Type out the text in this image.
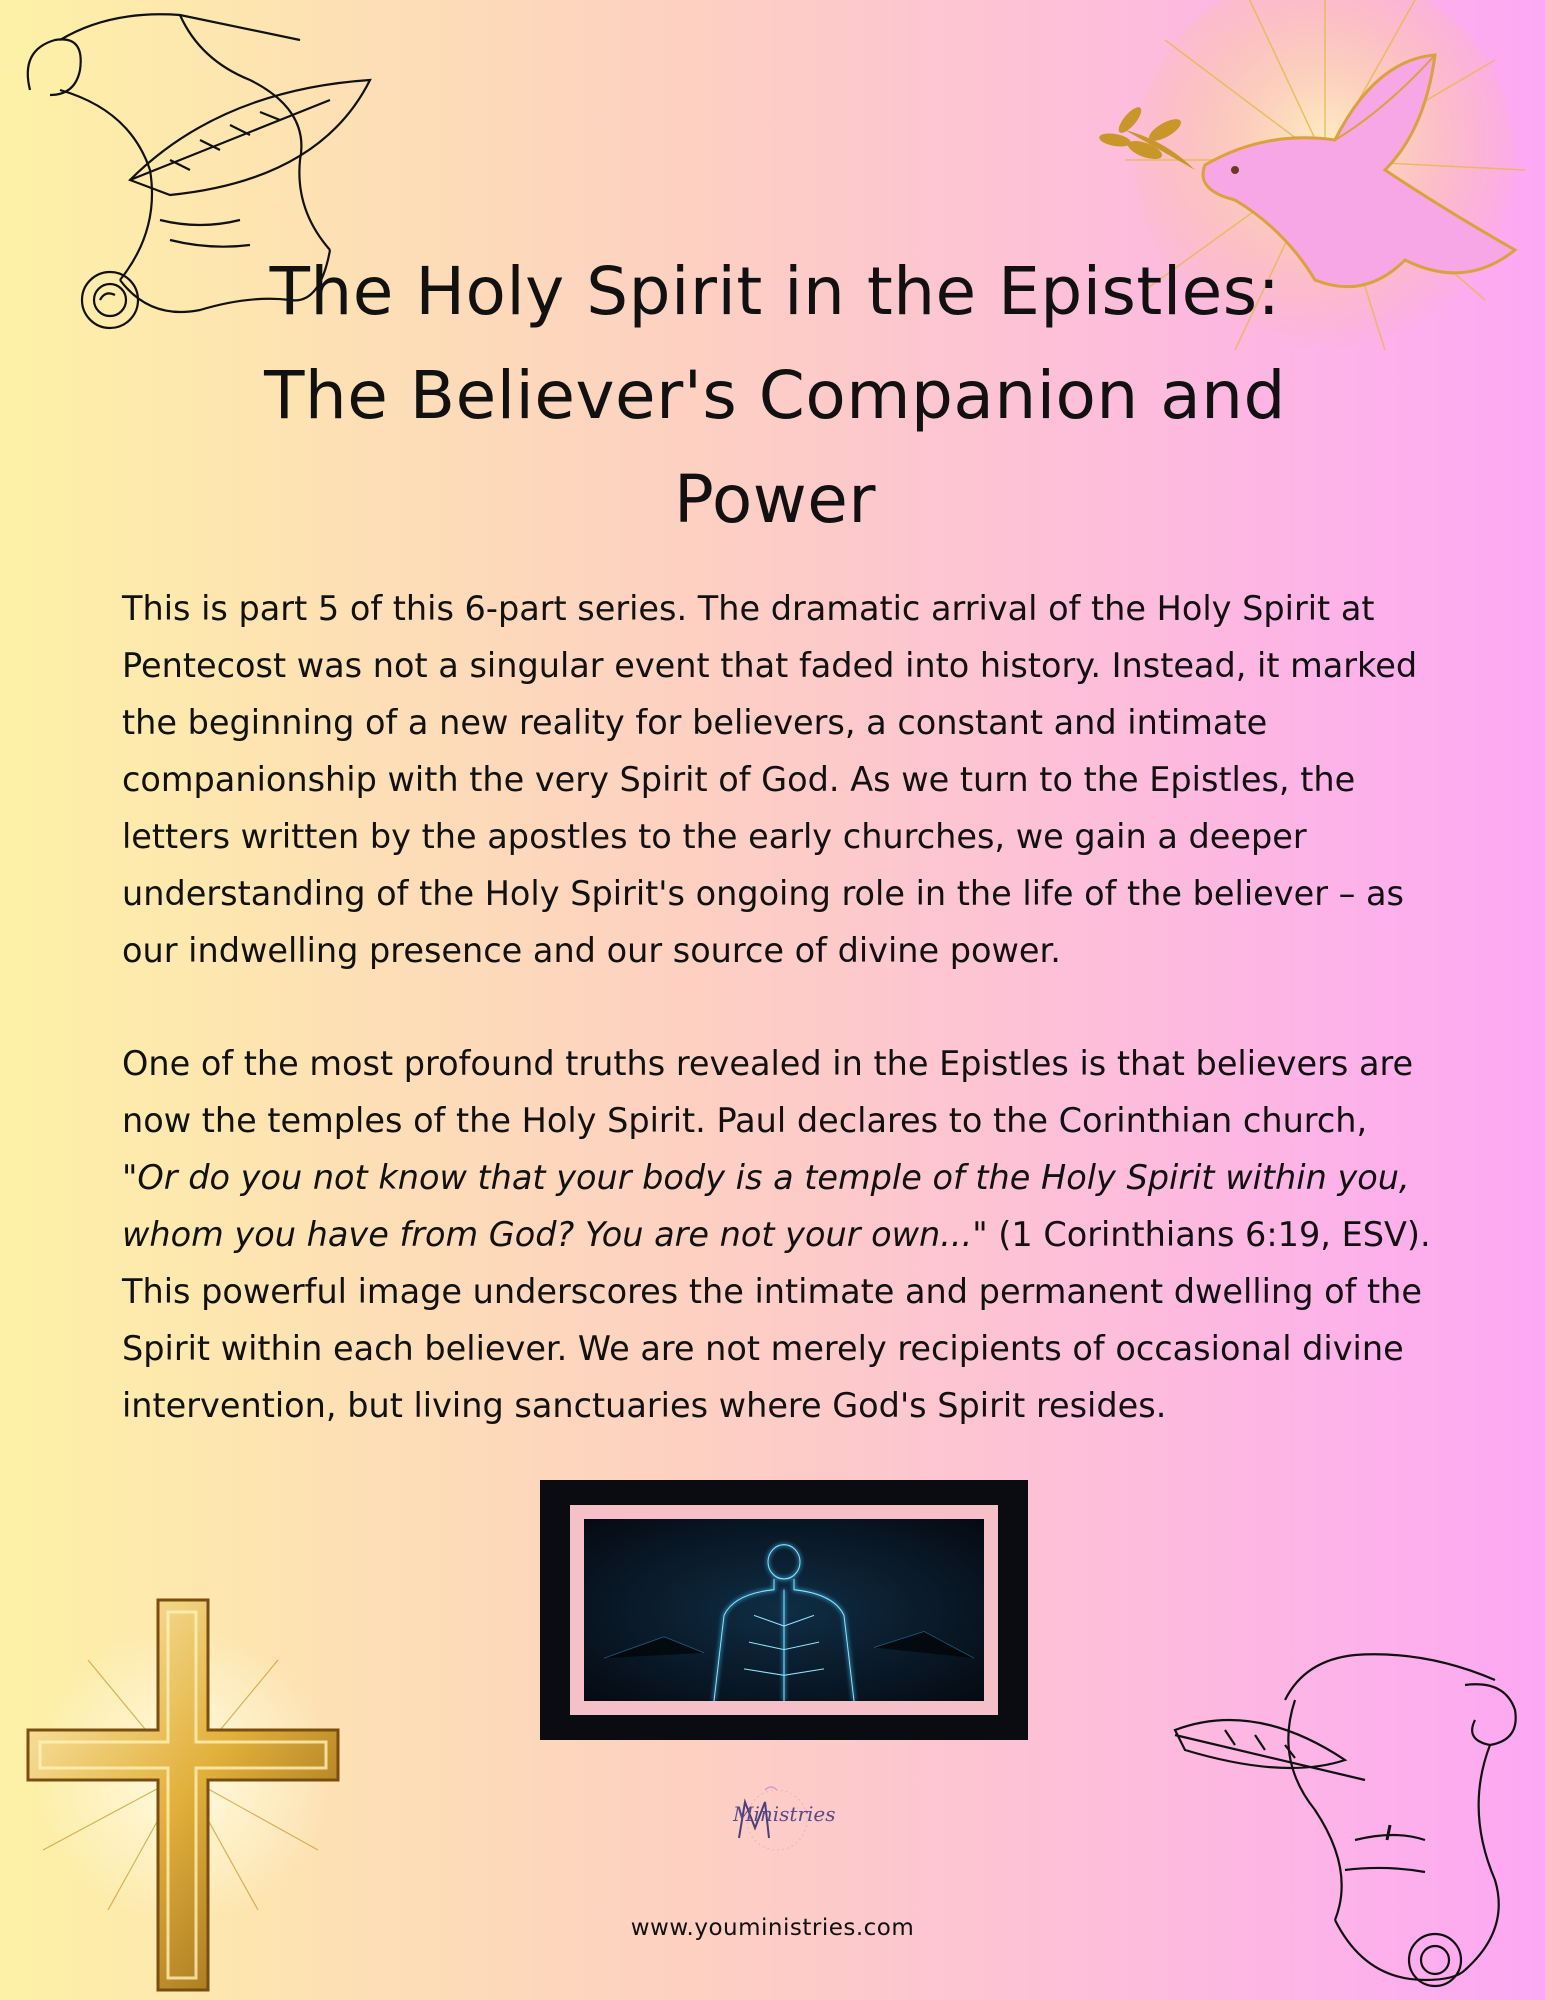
The Holy Spirit in the Epistles:
The Believer's Companion and
Power

This is part 5 of this 6-part series. The dramatic arrival of the Holy Spirit at Pentecost was not a singular event that faded into history. Instead, it marked the beginning of a new reality for believers, a constant and intimate companionship with the very Spirit of God. As we turn to the Epistles, the letters written by the apostles to the early churches, we gain a deeper understanding of the Holy Spirit's ongoing role in the life of the believer – as our indwelling presence and our source of divine power.

One of the most profound truths revealed in the Epistles is that believers are now the temples of the Holy Spirit. Paul declares to the Corinthian church, "Or do you not know that your body is a temple of the Holy Spirit within you, whom you have from God? You are not your own..." (1 Corinthians 6:19, ESV). This powerful image underscores the intimate and permanent dwelling of the Spirit within each believer. We are not merely recipients of occasional divine intervention, but living sanctuaries where God's Spirit resides.

Ministries
www.youministries.com
